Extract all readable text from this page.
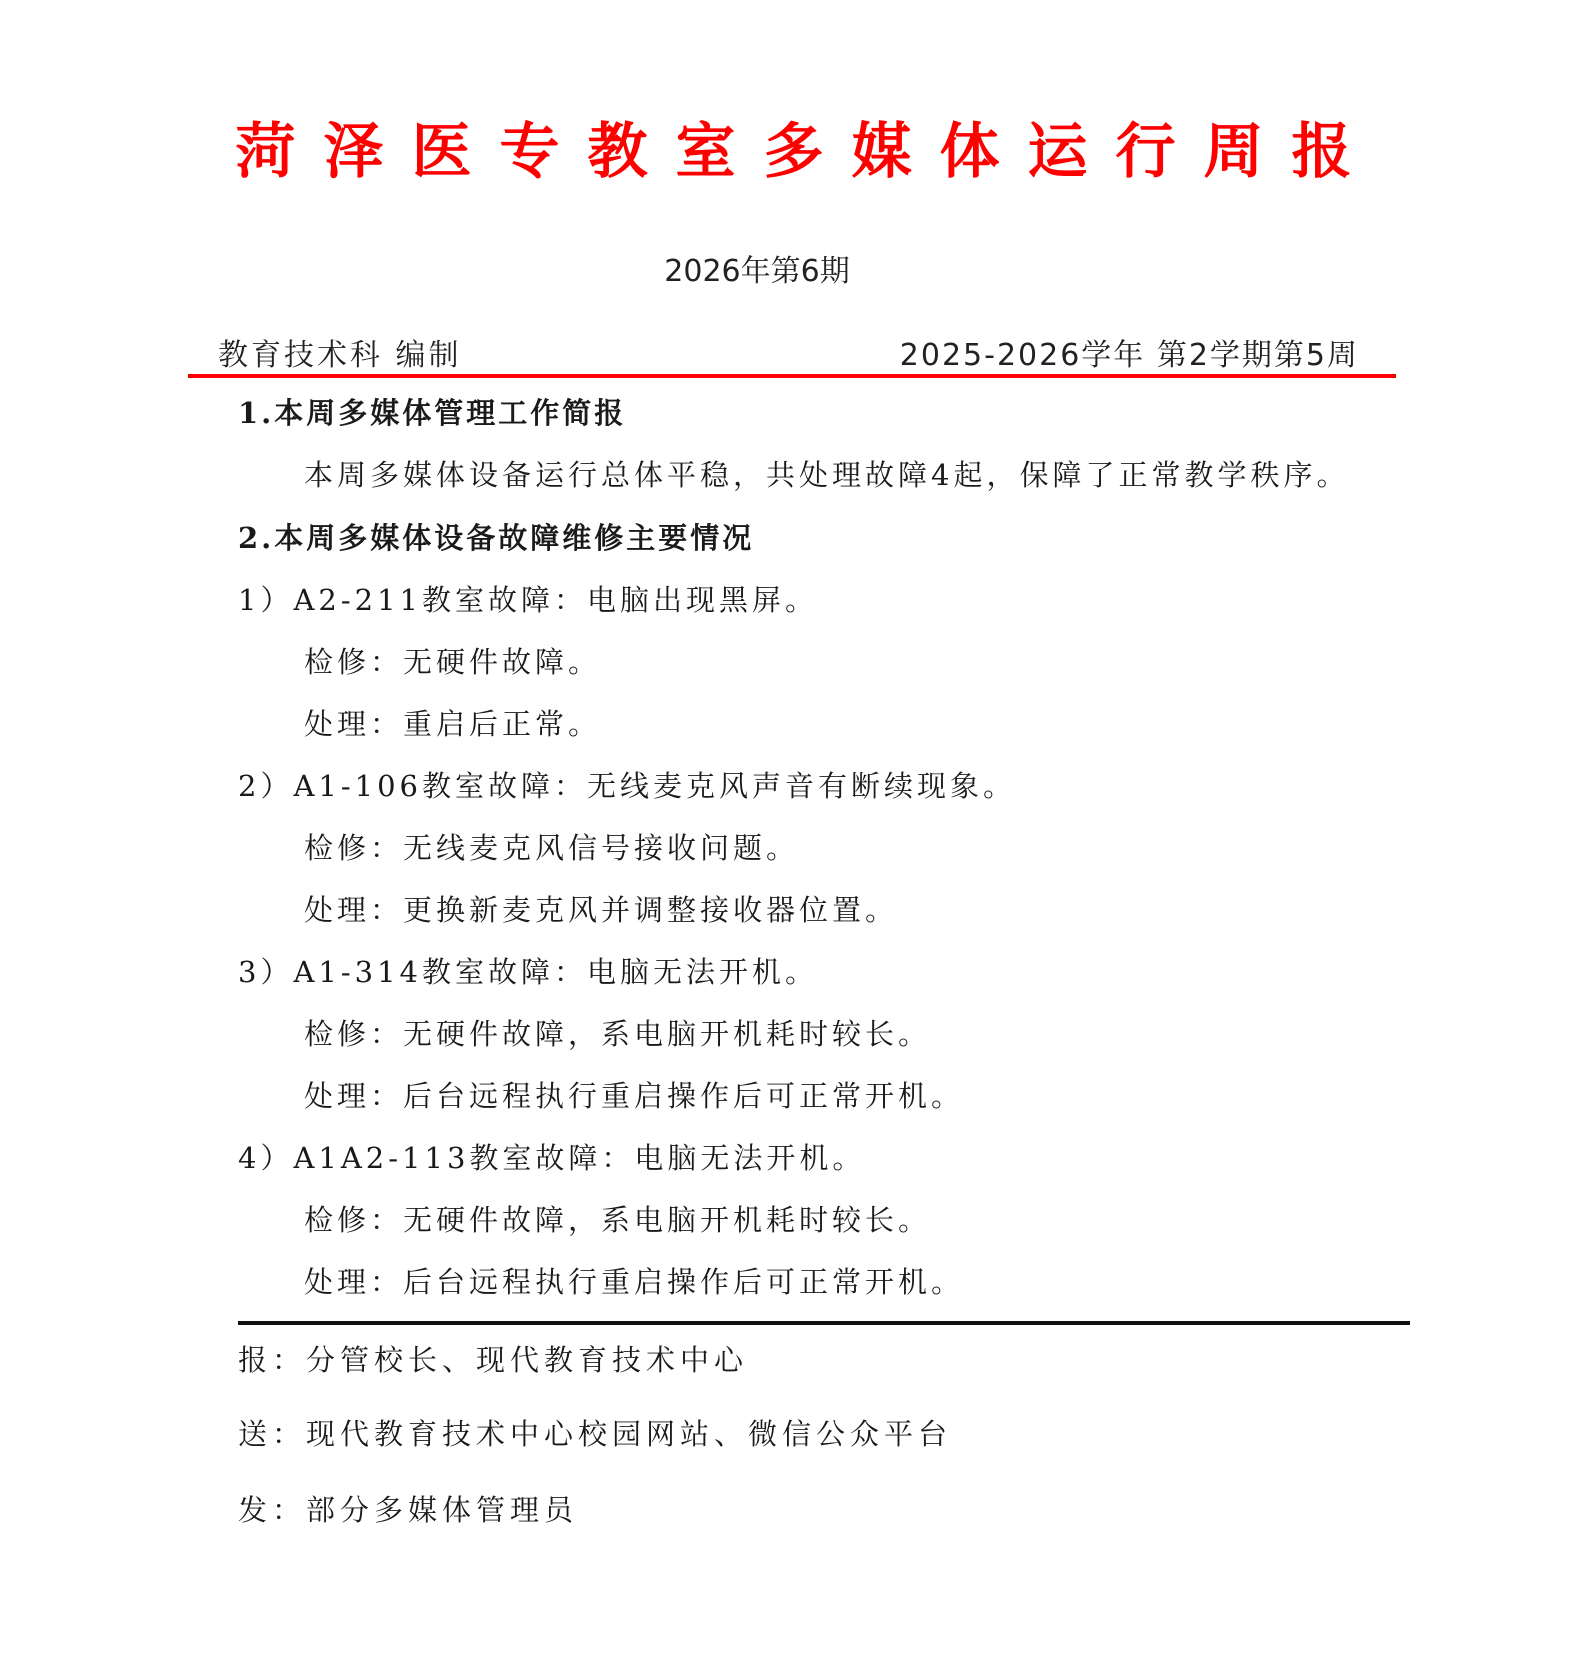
菏泽医专教室多媒体运行周报
2026年第6期
教育技术科 编制	2025-2026学年 第2学期第5周
1.本周多媒体管理工作简报
本周多媒体设备运行总体平稳，共处理故障4起，保障了正常教学秩序。
2.本周多媒体设备故障维修主要情况
1）A2-211教室故障：电脑出现黑屏。
检修：无硬件故障。
处理：重启后正常。
2）A1-106教室故障：无线麦克风声音有断续现象。
检修：无线麦克风信号接收问题。
处理：更换新麦克风并调整接收器位置。
3）A1-314教室故障：电脑无法开机。
检修：无硬件故障，系电脑开机耗时较长。
处理：后台远程执行重启操作后可正常开机。
4）A1A2-113教室故障：电脑无法开机。
检修：无硬件故障，系电脑开机耗时较长。
处理：后台远程执行重启操作后可正常开机。
报：分管校长、现代教育技术中心
送：现代教育技术中心校园网站、微信公众平台
发：部分多媒体管理员
